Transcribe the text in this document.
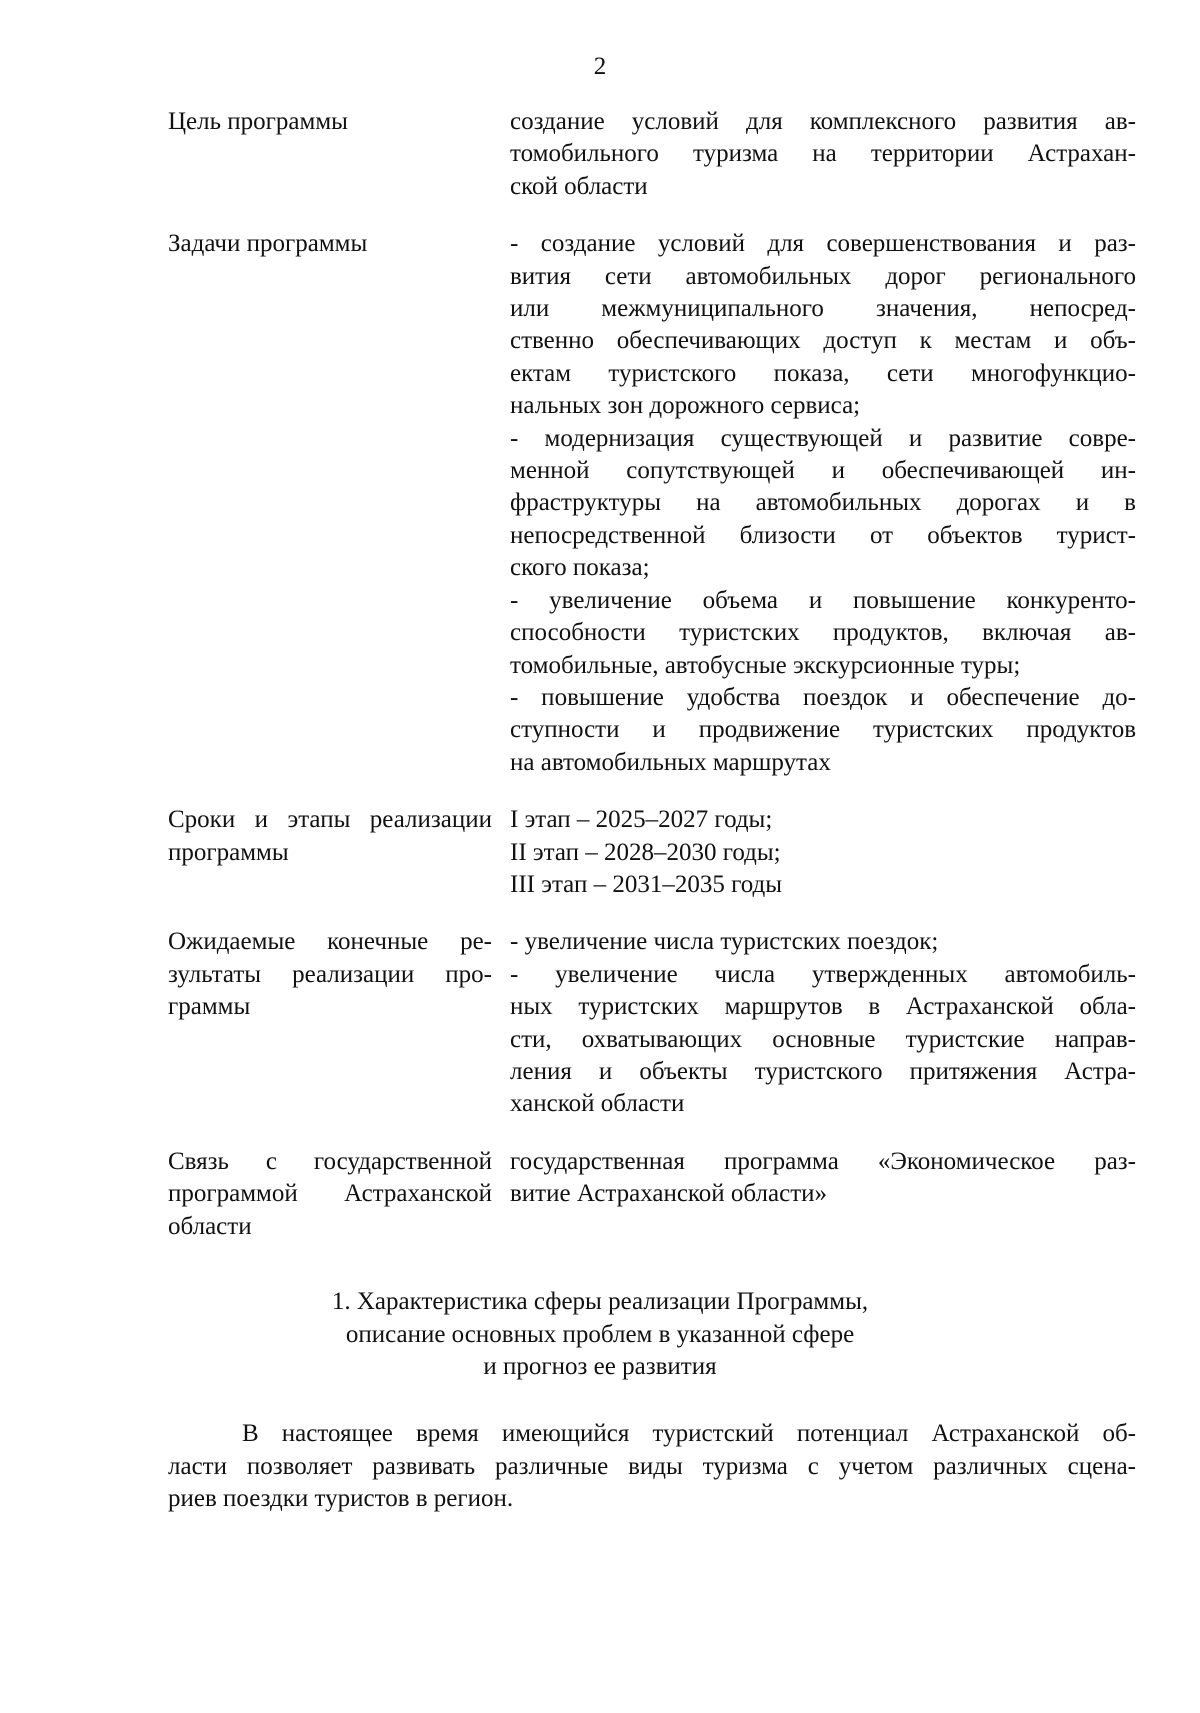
2
Цель программы	создание условий для комплексного развития ав-
томобильного туризма на территории Астрахан-
ской области
Задачи программы	- создание условий для совершенствования и раз-
вития сети автомобильных дорог регионального
или межмуниципального значения, непосред-
ственно обеспечивающих доступ к местам и объ-
ектам туристского показа, сети многофункцио-
нальных зон дорожного сервиса;
- модернизация существующей и развитие совре-
менной сопутствующей и обеспечивающей ин-
фраструктуры на автомобильных дорогах и в
непосредственной близости от объектов турист-
ского показа;
- увеличение объема и повышение конкуренто-
способности туристских продуктов, включая ав-
томобильные, автобусные экскурсионные туры;
- повышение удобства поездок и обеспечение до-
ступности и продвижение туристских продуктов
на автомобильных маршрутах
Сроки и этапы реализации
программы
I этап – 2025–2027 годы;
II этап – 2028–2030 годы;
III этап – 2031–2035 годы
Ожидаемые конечные ре-
зультаты реализации про-
граммы
- увеличение числа туристских поездок;
- увеличение числа утвержденных автомобиль-
ных туристских маршрутов в Астраханской обла-
сти, охватывающих основные туристские направ-
ления и объекты туристского притяжения Астра-
ханской области
Связь с государственной
программой Астраханской
области
государственная программа «Экономическое раз-
витие Астраханской области»
1. Характеристика сферы реализации Программы,
описание основных проблем в указанной сфере
и прогноз ее развития
В настоящее время имеющийся туристский потенциал Астраханской об-
ласти позволяет развивать различные виды туризма с учетом различных сцена-
риев поездки туристов в регион.
